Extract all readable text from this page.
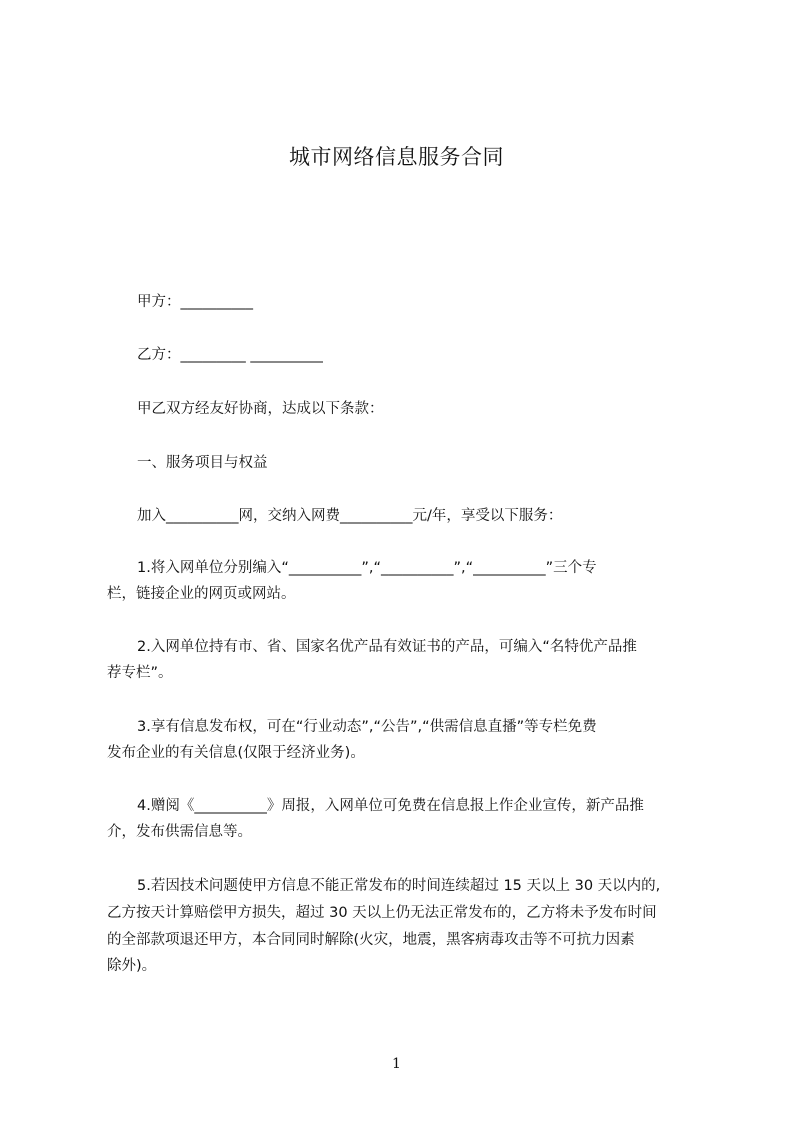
城市网络信息服务合同
甲方：__________
乙方：_________ __________
甲乙双方经友好协商，达成以下条款：
一、服务项目与权益
加入__________网，交纳入网费__________元/年，享受以下服务：
1.将入网单位分别编入“__________”,“__________”,“__________”三个专
栏，链接企业的网页或网站。
2.入网单位持有市、省、国家名优产品有效证书的产品，可编入“名特优产品推
荐专栏”。
3.享有信息发布权，可在“行业动态”,“公告”,“供需信息直播”等专栏免费
发布企业的有关信息(仅限于经济业务)。
4.赠阅《__________》周报，入网单位可免费在信息报上作企业宣传，新产品推
介，发布供需信息等。
5.若因技术问题使甲方信息不能正常发布的时间连续超过 15 天以上 30 天以内的,
乙方按天计算赔偿甲方损失，超过 30 天以上仍无法正常发布的，乙方将未予发布时间
的全部款项退还甲方，本合同同时解除(火灾，地震，黑客病毒攻击等不可抗力因素
除外)。
1
